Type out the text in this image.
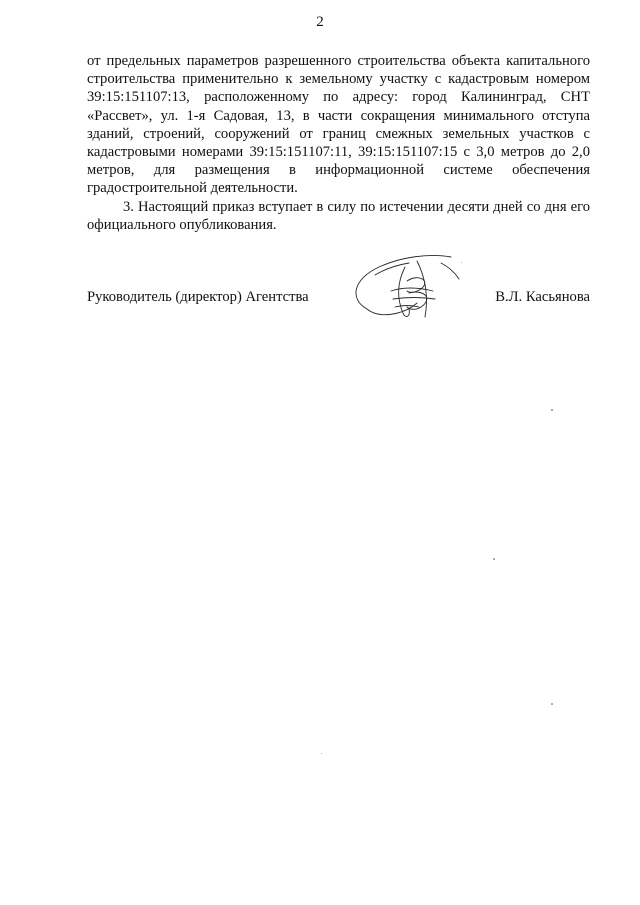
2

от предельных параметров разрешенного строительства объекта капитального строительства применительно к земельному участку с кадастровым номером 39:15:151107:13, расположенному по адресу: город Калининград, СНТ «Рассвет», ул. 1-я Садовая, 13, в части сокращения минимального отступа зданий, строений, сооружений от границ смежных земельных участков с кадастровыми номерами 39:15:151107:11, 39:15:151107:15 с 3,0 метров до 2,0 метров, для размещения в информационной системе обеспечения градостроительной деятельности.

3. Настоящий приказ вступает в силу по истечении десяти дней со дня его официального опубликования.

Руководитель (директор) Агентства	В.Л. Касьянова
